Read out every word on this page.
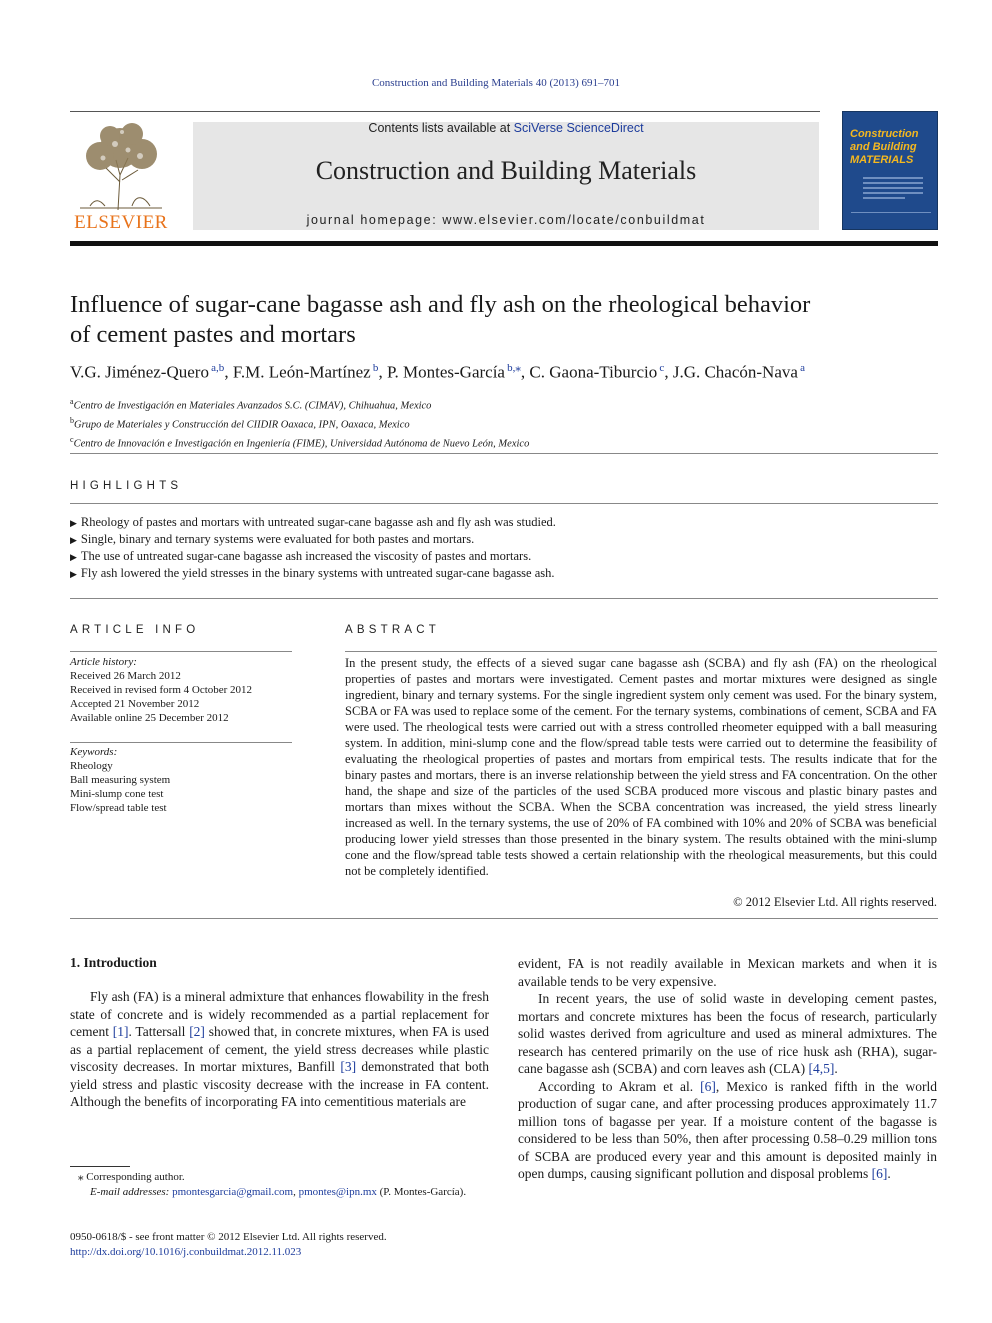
Construction and Building Materials 40 (2013) 691–701
ELSEVIER
Contents lists available at SciVerse ScienceDirect
Construction and Building Materials
journal homepage: www.elsevier.com/locate/conbuildmat
Construction and Building MATERIALS
Influence of sugar-cane bagasse ash and fly ash on the rheological behavior
of cement pastes and mortars
V.G. Jiménez-Quero $^{a,b}$, F.M. León-Martínez $^b$, P. Montes-García $^{b,⁎}$, C. Gaona-Tiburcio $^c$, J.G. Chacón-Nava $^a$
$^a$Centro de Investigación en Materiales Avanzados S.C. (CIMAV), Chihuahua, Mexico
$^b$Grupo de Materiales y Construcción del CIIDIR Oaxaca, IPN, Oaxaca, Mexico
$^c$Centro de Innovación e Investigación en Ingeniería (FIME), Universidad Autónoma de Nuevo León, Mexico
HIGHLIGHTS
▶ Rheology of pastes and mortars with untreated sugar-cane bagasse ash and fly ash was studied.
▶ Single, binary and ternary systems were evaluated for both pastes and mortars.
▶ The use of untreated sugar-cane bagasse ash increased the viscosity of pastes and mortars.
▶ Fly ash lowered the yield stresses in the binary systems with untreated sugar-cane bagasse ash.
ARTICLE INFO
Article history:
Received 26 March 2012
Received in revised form 4 October 2012
Accepted 21 November 2012
Available online 25 December 2012
Keywords:
Rheology
Ball measuring system
Mini-slump cone test
Flow/spread table test
ABSTRACT
In the present study, the effects of a sieved sugar cane bagasse ash (SCBA) and fly ash (FA) on the rheological properties of pastes and mortars were investigated. Cement pastes and mortar mixtures were designed as single ingredient, binary and ternary systems. For the single ingredient system only cement was used. For the binary system, SCBA or FA was used to replace some of the cement. For the ternary systems, combinations of cement, SCBA and FA were used. The rheological tests were carried out with a stress controlled rheometer equipped with a ball measuring system. In addition, mini-slump cone and the flow/spread table tests were carried out to determine the feasibility of evaluating the rheological properties of pastes and mortars from empirical tests. The results indicate that for the binary pastes and mortars, there is an inverse relationship between the yield stress and FA concentration. On the other hand, the shape and size of the particles of the used SCBA produced more viscous and plastic binary pastes and mortars than mixes without the SCBA. When the SCBA concentration was increased, the yield stress linearly increased as well. In the ternary systems, the use of 20% of FA combined with 10% and 20% of SCBA was beneficial producing lower yield stresses than those presented in the binary system. The results obtained with the mini-slump cone and the flow/spread table tests showed a certain relationship with the rheological measurements, but this could not be completely identified.
© 2012 Elsevier Ltd. All rights reserved.
1. Introduction

Fly ash (FA) is a mineral admixture that enhances flowability in the fresh state of concrete and is widely recommended as a partial replacement for cement [1]. Tattersall [2] showed that, in concrete mixtures, when FA is used as a partial replacement of cement, the yield stress decreases while plastic viscosity decreases. In mortar mixtures, Banfill [3] demonstrated that both yield stress and plastic viscosity decrease with the increase in FA content. Although the benefits of incorporating FA into cementitious materials are

evident, FA is not readily available in Mexican markets and when it is available tends to be very expensive.

In recent years, the use of solid waste in developing cement pastes, mortars and concrete mixtures has been the focus of research, particularly solid wastes derived from agriculture and used as mineral admixtures. The research has centered primarily on the use of rice husk ash (RHA), sugar-cane bagasse ash (SCBA) and corn leaves ash (CLA) [4,5].

According to Akram et al. [6], Mexico is ranked fifth in the world production of sugar cane, and after processing produces approximately 11.7 million tons of bagasse per year. If a moisture content of the bagasse is considered to be less than 50%, then after processing 0.58–0.29 million tons of SCBA are produced every year and this amount is deposited mainly in open dumps, causing significant pollution and disposal problems [6].

⁎ Corresponding author.
E-mail addresses: pmontesgarcia@gmail.com, pmontes@ipn.mx (P. Montes-García).
0950-0618/$ - see front matter © 2012 Elsevier Ltd. All rights reserved.
http://dx.doi.org/10.1016/j.conbuildmat.2012.11.023
